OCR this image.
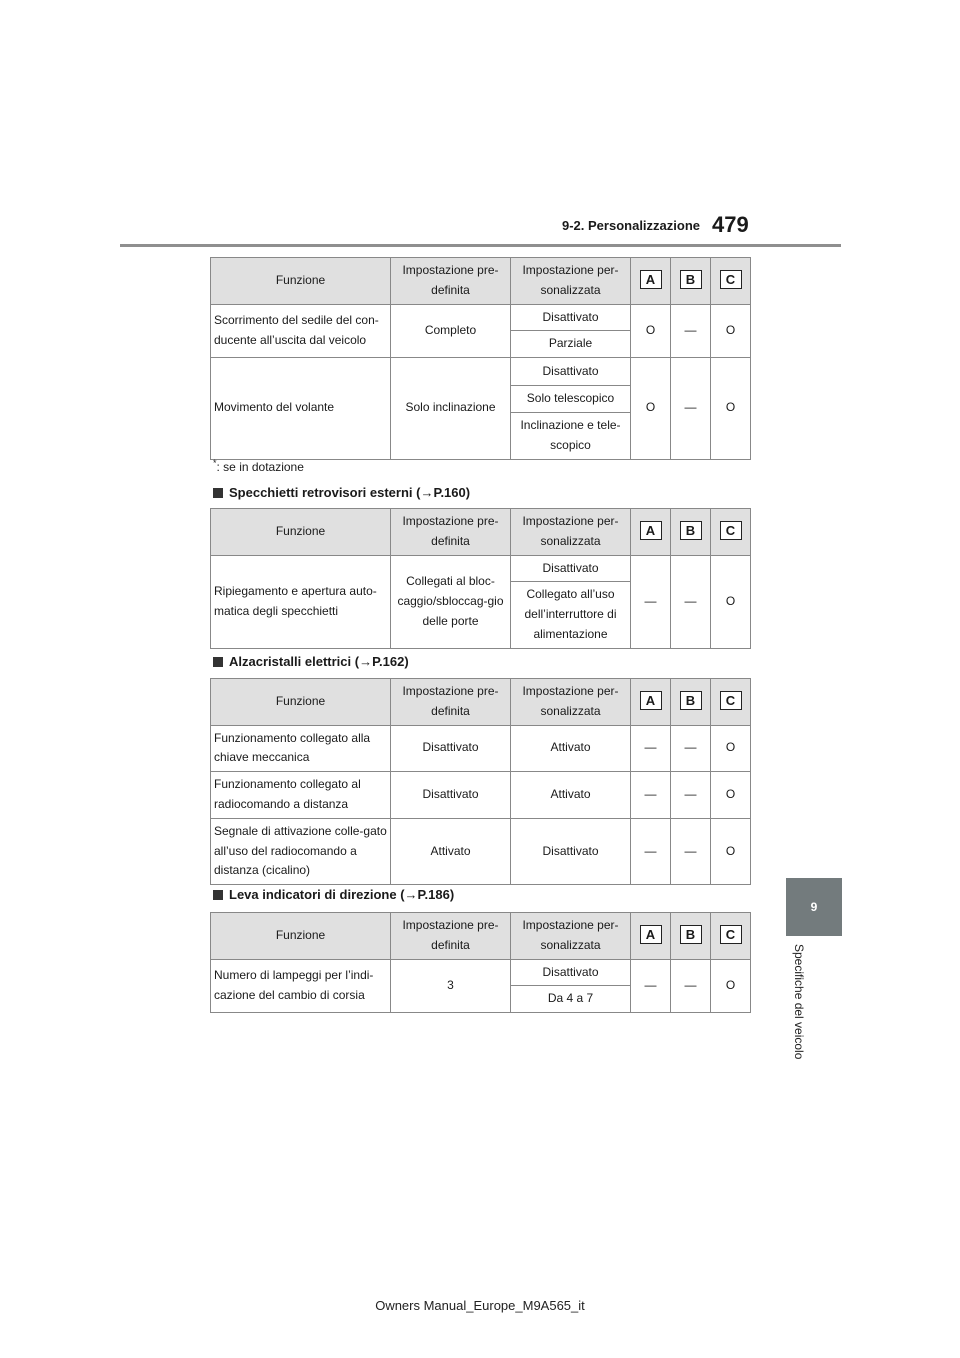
9-2. Personalizzazione 479
9
Specifiche del veicolo
Funzione	Impostazione pre-definita	Impostazione per-sonalizzata	A	B	C
Scorrimento del sedile del con-ducente all’uscita dal veicolo	Completo	Disattivato	O	—	O
		Parziale			
Movimento del volante	Solo inclinazione	Disattivato	O	—	O
		Solo telescopico			
		Inclinazione e tele-scopico			
*: se in dotazione
Specchietti retrovisori esterni (→P.160)
Funzione	Impostazione pre-definita	Impostazione per-sonalizzata	A	B	C
Ripiegamento e apertura auto-matica degli specchietti	Collegati al bloc-caggio/sbloccag-gio delle porte	Disattivato	—	—	O
		Collegato all’uso dell’interruttore di alimentazione			
Alzacristalli elettrici (→P.162)
Funzione	Impostazione pre-definita	Impostazione per-sonalizzata	A	B	C
Funzionamento collegato alla chiave meccanica	Disattivato	Attivato	—	—	O
Funzionamento collegato al radiocomando a distanza	Disattivato	Attivato	—	—	O
Segnale di attivazione colle-gato all’uso del radiocomando a distanza (cicalino)	Attivato	Disattivato	—	—	O
Leva indicatori di direzione (→P.186)
Funzione	Impostazione pre-definita	Impostazione per-sonalizzata	A	B	C
Numero di lampeggi per l’indi-cazione del cambio di corsia	3	Disattivato	—	—	O
		Da 4 a 7			
Owners Manual_Europe_M9A565_it
